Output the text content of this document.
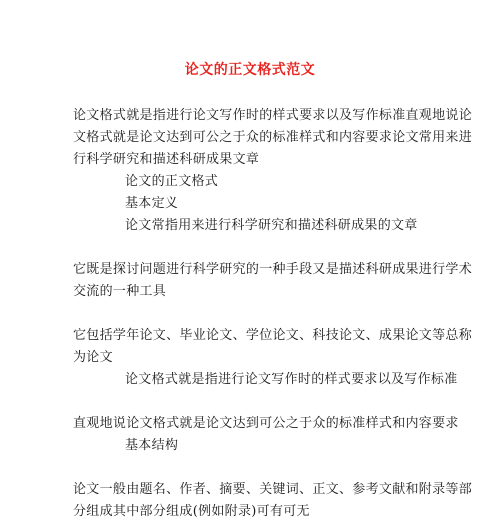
论文的正文格式范文
论文格式就是指进行论文写作时的样式要求以及写作标准直观地说论
文格式就是论文达到可公之于众的标准样式和内容要求论文常用来进
行科学研究和描述科研成果文章
论文的正文格式
基本定义
论文常指用来进行科学研究和描述科研成果的文章
它既是探讨问题进行科学研究的一种手段又是描述科研成果进行学术
交流的一种工具
它包括学年论文、毕业论文、学位论文、科技论文、成果论文等总称
为论文
论文格式就是指进行论文写作时的样式要求以及写作标准
直观地说论文格式就是论文达到可公之于众的标准样式和内容要求
基本结构
论文一般由题名、作者、摘要、关键词、正文、参考文献和附录等部
分组成其中部分组成(例如附录)可有可无
